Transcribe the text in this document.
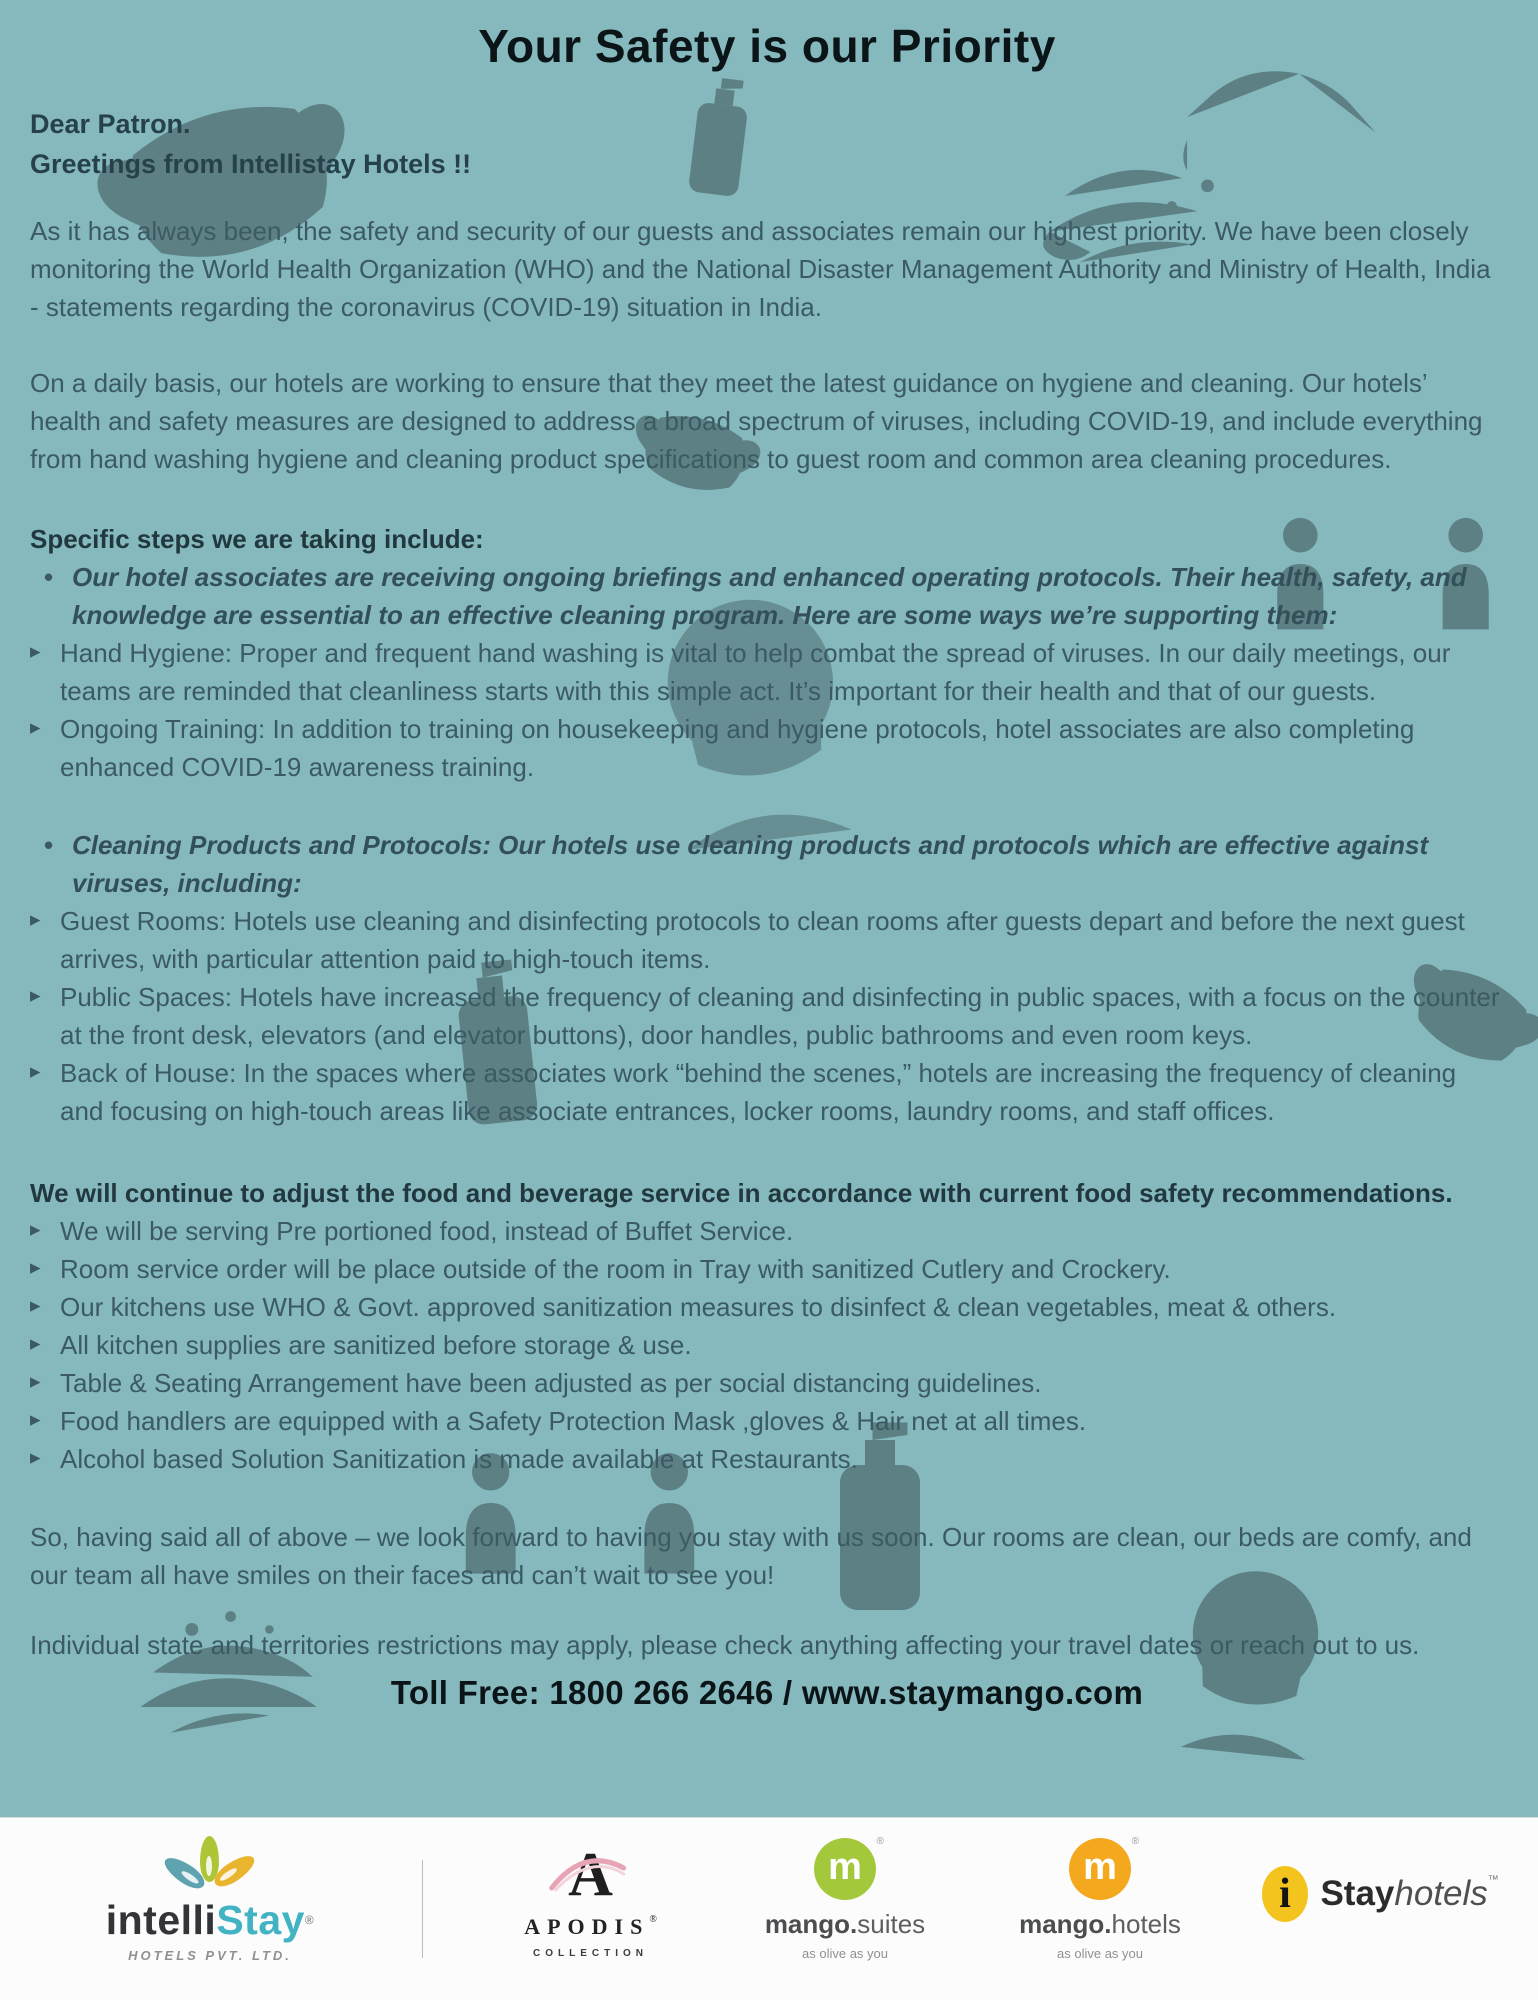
Your Safety is our Priority
Dear Patron.
Greetings from Intellistay Hotels !!
As it has always been, the safety and security of our guests and associates remain our highest priority. We have been closely monitoring the World Health Organization (WHO) and the National Disaster Management Authority and Ministry of Health, India - statements regarding the coronavirus (COVID-19) situation in India.
On a daily basis, our hotels are working to ensure that they meet the latest guidance on hygiene and cleaning. Our hotels’ health and safety measures are designed to address a broad spectrum of viruses, including COVID-19, and include everything from hand washing hygiene and cleaning product specifications to guest room and common area cleaning procedures.
Specific steps we are taking include:
• Our hotel associates are receiving ongoing briefings and enhanced operating protocols. Their health, safety, and knowledge are essential to an effective cleaning program. Here are some ways we’re supporting them:
▸ Hand Hygiene: Proper and frequent hand washing is vital to help combat the spread of viruses. In our daily meetings, our teams are reminded that cleanliness starts with this simple act. It’s important for their health and that of our guests.
▸ Ongoing Training: In addition to training on housekeeping and hygiene protocols, hotel associates are also completing enhanced COVID-19 awareness training.
• Cleaning Products and Protocols: Our hotels use cleaning products and protocols which are effective against viruses, including:
▸ Guest Rooms: Hotels use cleaning and disinfecting protocols to clean rooms after guests depart and before the next guest arrives, with particular attention paid to high-touch items.
▸ Public Spaces: Hotels have increased the frequency of cleaning and disinfecting in public spaces, with a focus on the counter at the front desk, elevators (and elevator buttons), door handles, public bathrooms and even room keys.
▸ Back of House: In the spaces where associates work “behind the scenes,” hotels are increasing the frequency of cleaning and focusing on high-touch areas like associate entrances, locker rooms, laundry rooms, and staff offices.
We will continue to adjust the food and beverage service in accordance with current food safety recommendations.
▸ We will be serving Pre portioned food, instead of Buffet Service.
▸ Room service order will be place outside of the room in Tray with sanitized Cutlery and Crockery.
▸ Our kitchens use WHO & Govt. approved sanitization measures to disinfect & clean vegetables, meat & others.
▸ All kitchen supplies are sanitized before storage & use.
▸ Table & Seating Arrangement have been adjusted as per social distancing guidelines.
▸ Food handlers are equipped with a Safety Protection Mask ,gloves & Hair net at all times.
▸ Alcohol based Solution Sanitization is made available at Restaurants.
So, having said all of above – we look forward to having you stay with us soon. Our rooms are clean, our beds are comfy, and our team all have smiles on their faces and can’t wait to see you!
Individual state and territories restrictions may apply, please check anything affecting your travel dates or reach out to us.
Toll Free: 1800 266 2646 / www.staymango.com
intelliStay®
HOTELS PVT. LTD.
A
APODIS®
COLLECTION
m
®
mango.suites
as olive as you
m
®
mango.hotels
as olive as you
i Stayhotels™
